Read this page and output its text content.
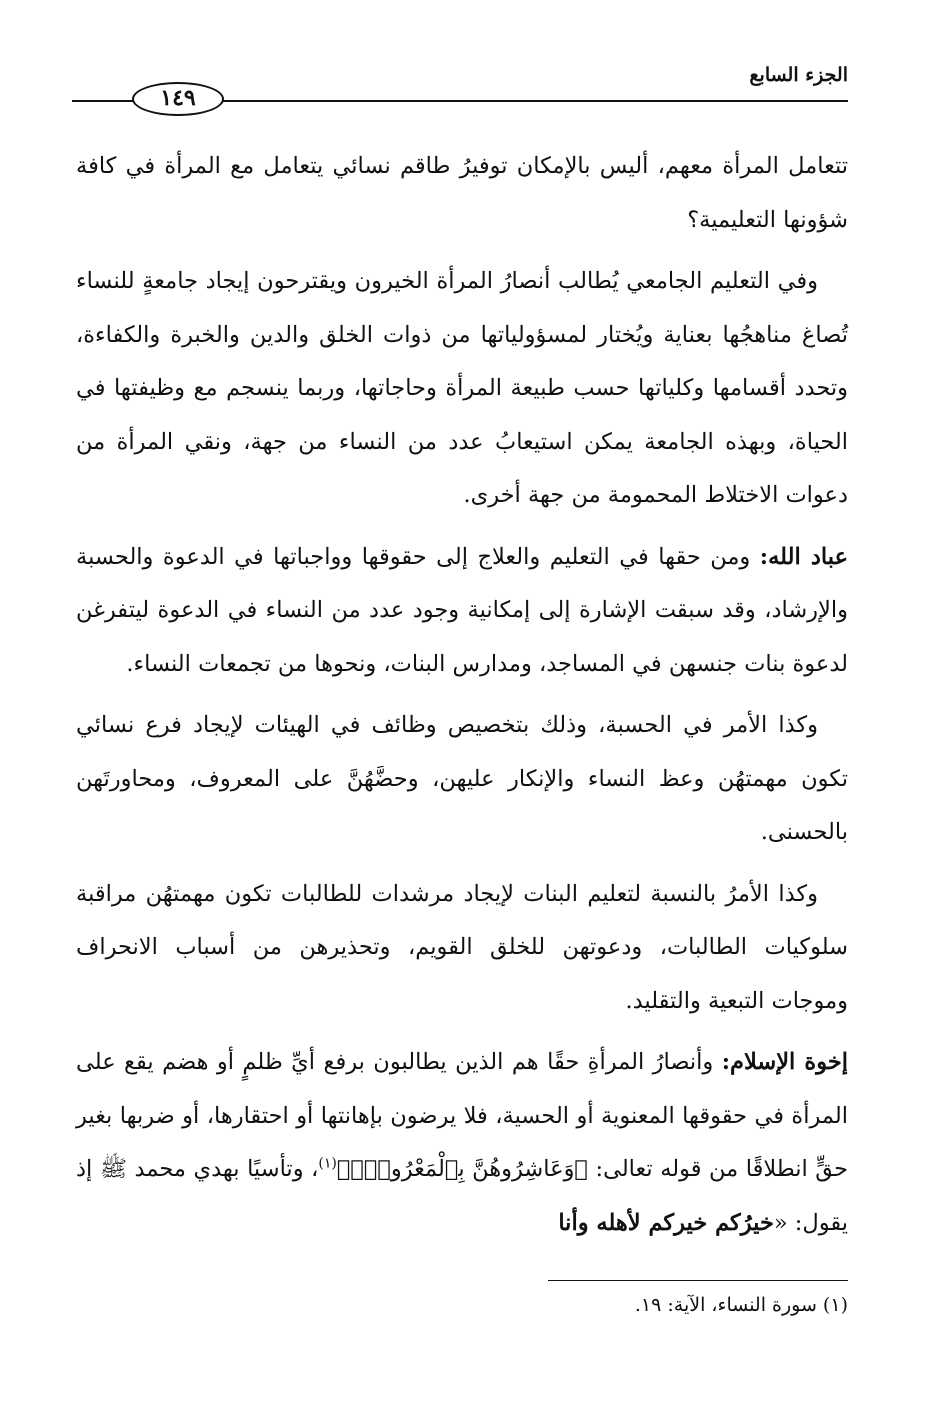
الجزء السابع
١٤٩

تتعامل المرأة معهم، أليس بالإمكان توفيرُ طاقم نسائي يتعامل مع المرأة في كافة شؤونها التعليمية؟

وفي التعليم الجامعي يُطالب أنصارُ المرأة الخيرون ويقترحون إيجاد جامعةٍ للنساء تُصاغ مناهجُها بعناية ويُختار لمسؤولياتها من ذوات الخلق والدين والخبرة والكفاءة، وتحدد أقسامها وكلياتها حسب طبيعة المرأة وحاجاتها، وربما ينسجم مع وظيفتها في الحياة، وبهذه الجامعة يمكن استيعابُ عدد من النساء من جهة، ونقي المرأة من دعوات الاختلاط المحمومة من جهة أخرى.

عباد الله: ومن حقها في التعليم والعلاج إلى حقوقها وواجباتها في الدعوة والحسبة والإرشاد، وقد سبقت الإشارة إلى إمكانية وجود عدد من النساء في الدعوة ليتفرغن لدعوة بنات جنسهن في المساجد، ومدارس البنات، ونحوها من تجمعات النساء.

وكذا الأمر في الحسبة، وذلك بتخصيص وظائف في الهيئات لإيجاد فرع نسائي تكون مهمتهُن وعظ النساء والإنكار عليهن، وحضَّهُنَّ على المعروف، ومحاورتَهن بالحسنى.

وكذا الأمرُ بالنسبة لتعليم البنات لإيجاد مرشدات للطالبات تكون مهمتهُن مراقبة سلوكيات الطالبات، ودعوتهن للخلق القويم، وتحذيرهن من أسباب الانحراف وموجات التبعية والتقليد.

إخوة الإسلام: وأنصارُ المرأةِ حقًا هم الذين يطالبون برفع أيِّ ظلمٍ أو هضم يقع على المرأة في حقوقها المعنوية أو الحسية، فلا يرضون بإهانتها أو احتقارها، أو ضربها بغير حقٍّ انطلاقًا من قوله تعالى: ﴿وَعَاشِرُوهُنَّ بِٱلْمَعْرُوفِۚ﴾$^{(١)}$، وتأسيًا بهدي محمد ﷺ إذ يقول: «خيرُكم خيركم لأهله وأنا

(١) سورة النساء، الآية: ١٩.
